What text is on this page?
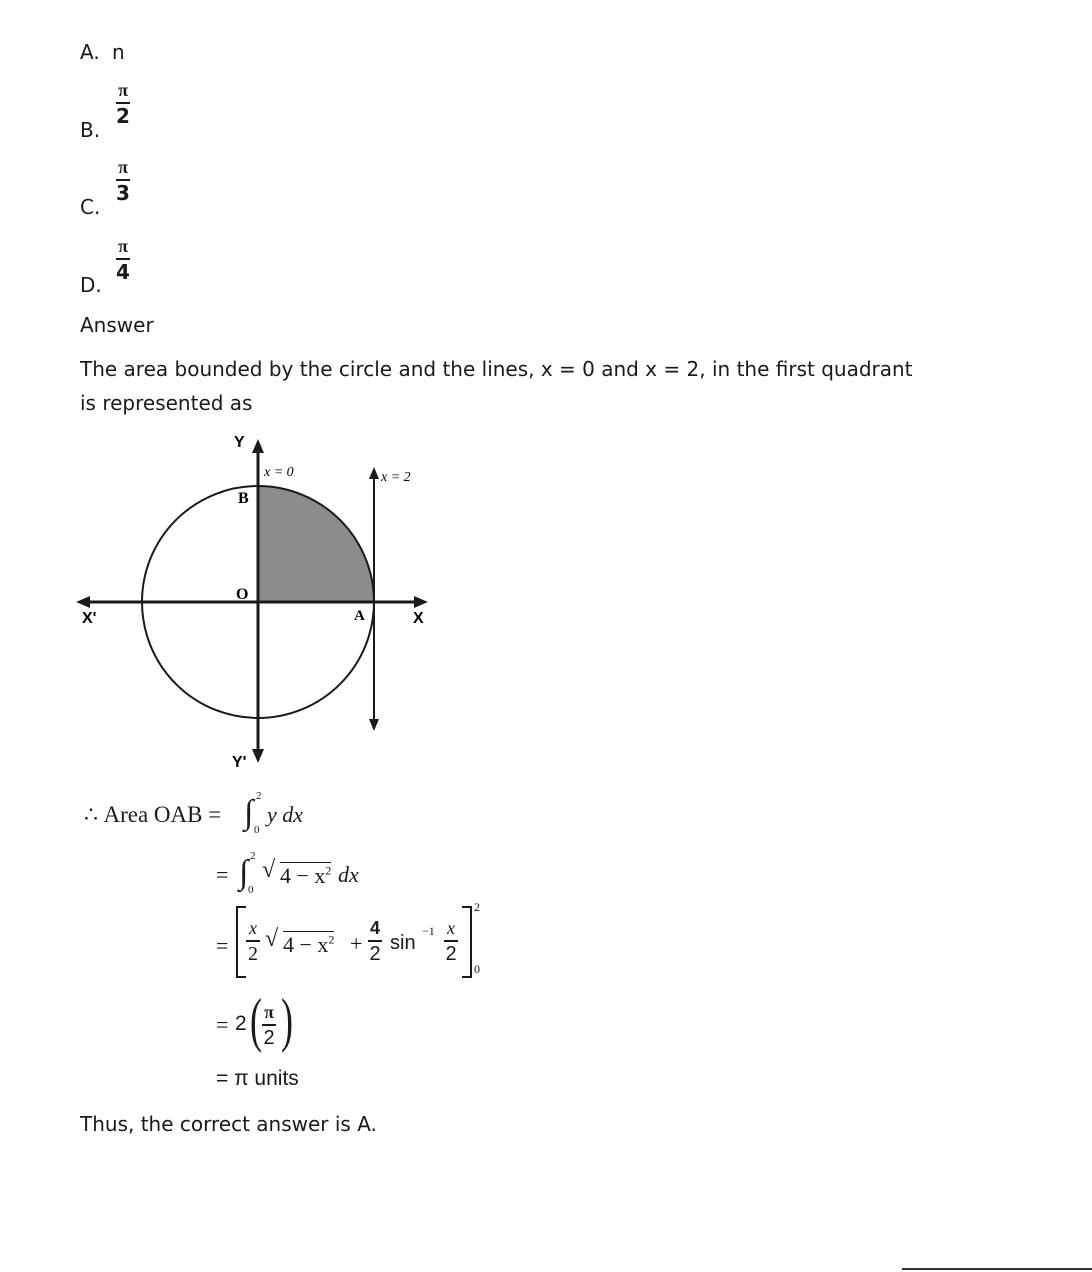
A. n
B.
π
2
C.
π
3
D.
π
4
Answer
The area bounded by the circle and the lines, x = 0 and x = 2, in the first quadrant
is represented as
Y
Y'
X'	X
O
A
B
x = 0	x = 2
∴ Area OAB = ∫ 2
0
y dx
= ∫ 2
0
√ $4 - x^2$ dx
=
x
2
√ $4 - x^2$ +
4
2 sin
−1 x
2
2
0
= 2 ( π
2 )
= π units
Thus, the correct answer is A.
